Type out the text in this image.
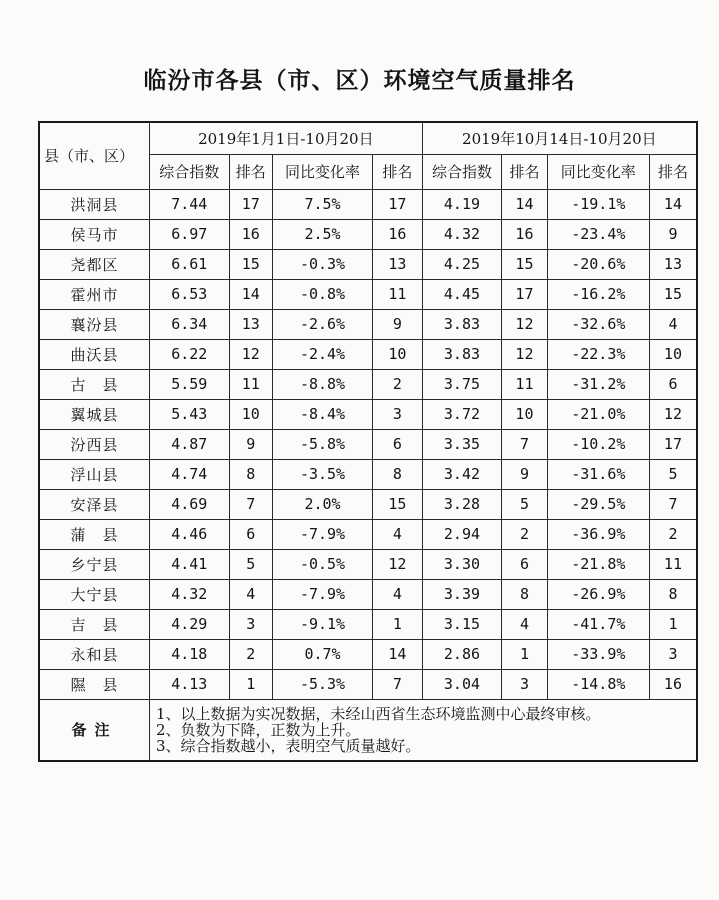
临汾市各县（市、区）环境空气质量排名
县（市、区）	2019年1月1日-10月20日				2019年10月14日-10月20日			
	综合指数	排名	同比变化率	排名	综合指数	排名	同比变化率	排名
洪洞县	7.44	17	7.5%	17	4.19	14	-19.1%	14
侯马市	6.97	16	2.5%	16	4.32	16	-23.4%	9
尧都区	6.61	15	-0.3%	13	4.25	15	-20.6%	13
霍州市	6.53	14	-0.8%	11	4.45	17	-16.2%	15
襄汾县	6.34	13	-2.6%	9	3.83	12	-32.6%	4
曲沃县	6.22	12	-2.4%	10	3.83	12	-22.3%	10
古　县	5.59	11	-8.8%	2	3.75	11	-31.2%	6
翼城县	5.43	10	-8.4%	3	3.72	10	-21.0%	12
汾西县	4.87	9	-5.8%	6	3.35	7	-10.2%	17
浮山县	4.74	8	-3.5%	8	3.42	9	-31.6%	5
安泽县	4.69	7	2.0%	15	3.28	5	-29.5%	7
蒲　县	4.46	6	-7.9%	4	2.94	2	-36.9%	2
乡宁县	4.41	5	-0.5%	12	3.30	6	-21.8%	11
大宁县	4.32	4	-7.9%	4	3.39	8	-26.9%	8
吉　县	4.29	3	-9.1%	1	3.15	4	-41.7%	1
永和县	4.18	2	0.7%	14	2.86	1	-33.9%	3
隰　县	4.13	1	-5.3%	7	3.04	3	-14.8%	16
备注	1、以上数据为实况数据，未经山西省生态环境监测中心最终审核。
2、负数为下降，正数为上升。
3、综合指数越小，表明空气质量越好。							
